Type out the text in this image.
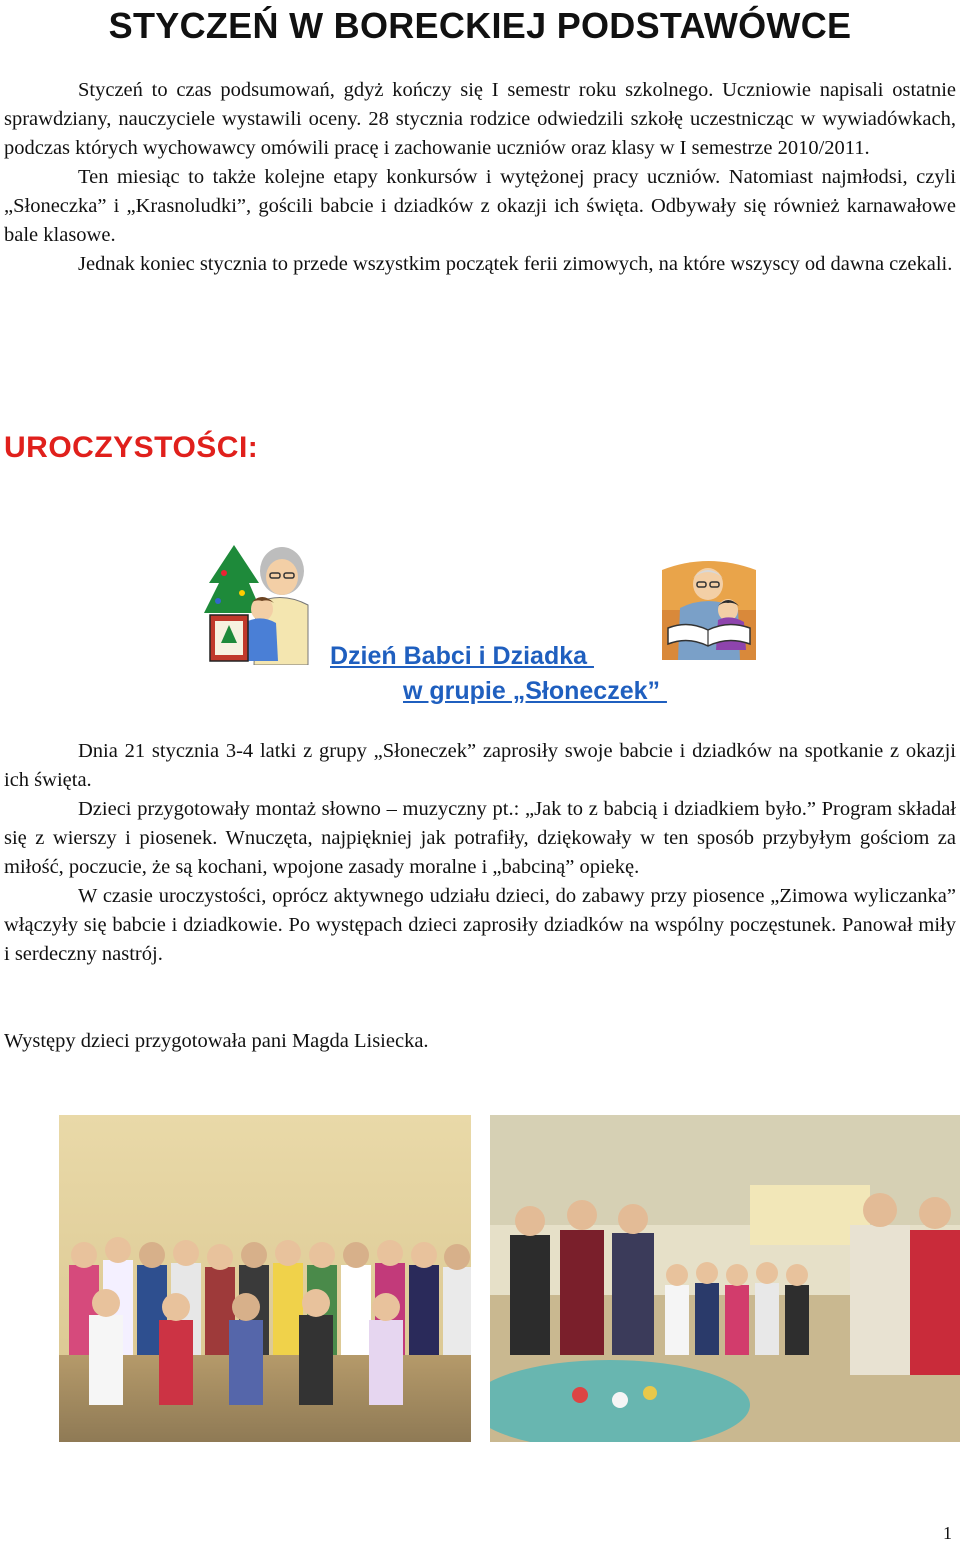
STYCZEŃ W BORECKIEJ PODSTAWÓWCE

Styczeń to czas podsumowań, gdyż kończy się I semestr roku szkolnego. Uczniowie napisali ostatnie sprawdziany, nauczyciele wystawili oceny. 28 stycznia rodzice odwiedzili szkołę uczestnicząc w wywiadówkach, podczas których wychowawcy omówili pracę i zachowanie uczniów oraz klasy w I semestrze 2010/2011.

Ten miesiąc to także kolejne etapy konkursów i wytężonej pracy uczniów. Natomiast najmłodsi, czyli „Słoneczka” i „Krasnoludki”, gościli babcie i dziadków z okazji ich święta. Odbywały się również karnawałowe bale klasowe.

Jednak koniec stycznia to przede wszystkim początek ferii zimowych, na które wszyscy od dawna czekali.

UROCZYSTOŚCI:
Dzień Babci i Dziadka
w grupie „Słoneczek”

Dnia 21 stycznia 3-4 latki z grupy „Słoneczek” zaprosiły swoje babcie i dziadków na spotkanie z okazji ich święta.

Dzieci przygotowały montaż słowno – muzyczny pt.: „Jak to z babcią i dziadkiem było.” Program składał się z wierszy i piosenek. Wnuczęta, najpiękniej jak potrafiły, dziękowały w ten sposób przybyłym gościom za miłość, poczucie, że są kochani, wpojone zasady moralne i „babciną” opiekę.

W czasie uroczystości, oprócz aktywnego udziału dzieci, do zabawy przy piosence „Zimowa wyliczanka” włączyły się babcie i dziadkowie. Po występach dzieci zaprosiły dziadków na wspólny poczęstunek. Panował miły i serdeczny nastrój.

Występy dzieci przygotowała pani Magda Lisiecka.

1
